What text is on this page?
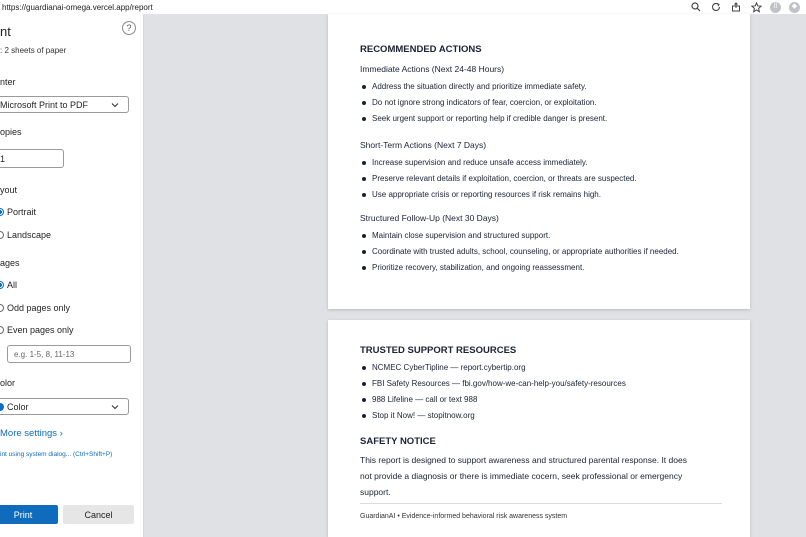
https://guardianai-omega.vercel.app/report	ll	◆
nt	?
: 2 sheets of paper
nter
Microsoft Print to PDF
opies
1
yout
Portrait
Landscape
ages
All
Odd pages only
Even pages only
e.g. 1-5, 8, 11-13
olor
Color
More settings ›
int using system dialog... (Ctrl+Shift+P)
Print	Cancel
RECOMMENDED ACTIONS
Immediate Actions (Next 24-48 Hours)
Address the situation directly and prioritize immediate safety.
Do not ignore strong indicators of fear, coercion, or exploitation.
Seek urgent support or reporting help if credible danger is present.
Short-Term Actions (Next 7 Days)
Increase supervision and reduce unsafe access immediately.
Preserve relevant details if exploitation, coercion, or threats are suspected.
Use appropriate crisis or reporting resources if risk remains high.
Structured Follow-Up (Next 30 Days)
Maintain close supervision and structured support.
Coordinate with trusted adults, school, counseling, or appropriate authorities if needed.
Prioritize recovery, stabilization, and ongoing reassessment.
TRUSTED SUPPORT RESOURCES
NCMEC CyberTipline — report.cybertip.org
FBI Safety Resources — fbi.gov/how-we-can-help-you/safety-resources
988 Lifeline — call or text 988
Stop it Now! — stopitnow.org
SAFETY NOTICE
This report is designed to support awareness and structured parental response. It does not provide a diagnosis or there is immediate cocern, seek professional or emergency support.
GuardianAI • Evidence-informed behavioral risk awareness system
